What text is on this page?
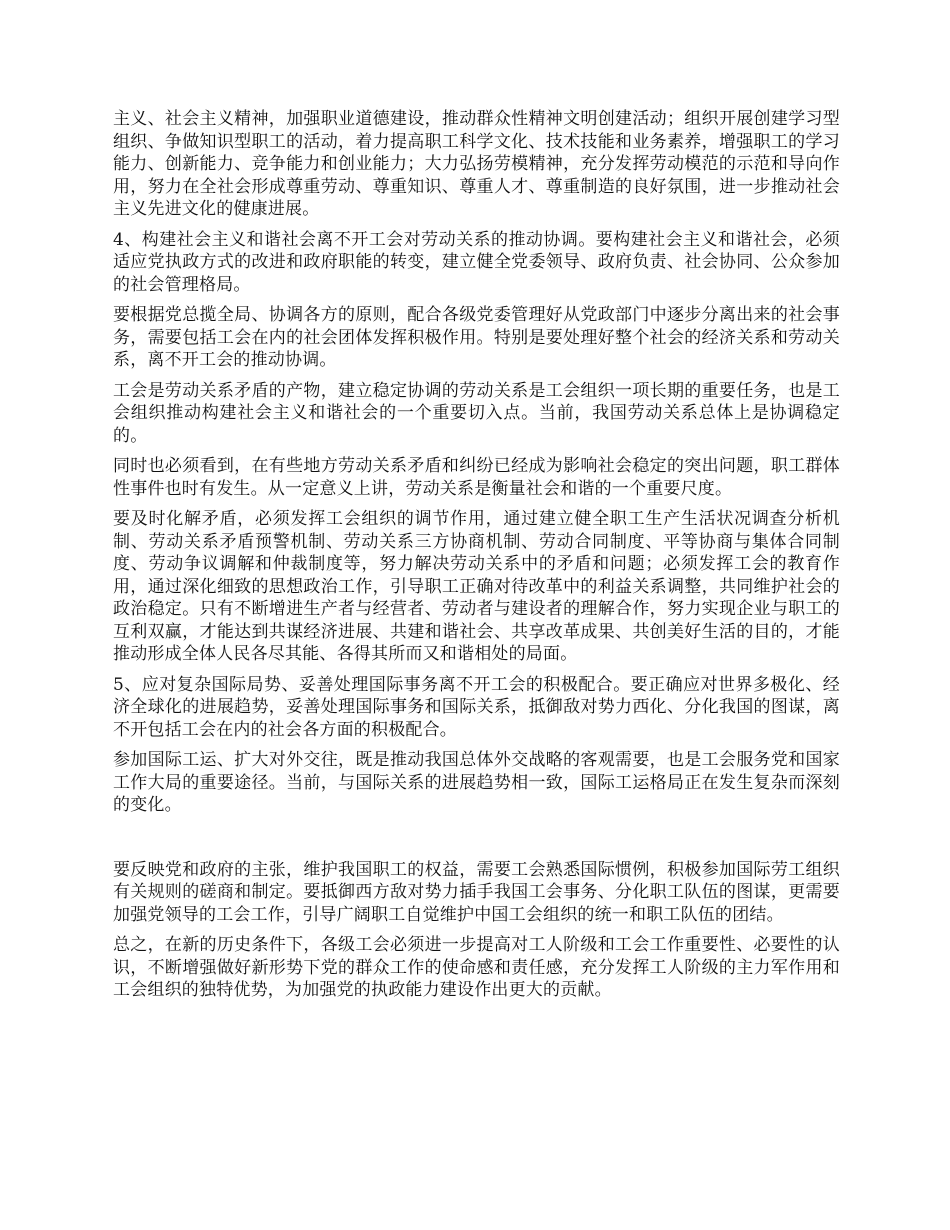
主义、社会主义精神，加强职业道德建设，推动群众性精神文明创建活动；组织开展创建学习型组织、争做知识型职工的活动，着力提高职工科学文化、技术技能和业务素养，增强职工的学习能力、创新能力、竞争能力和创业能力；大力弘扬劳模精神，充分发挥劳动模范的示范和导向作用，努力在全社会形成尊重劳动、尊重知识、尊重人才、尊重制造的良好氛围，进一步推动社会主义先进文化的健康进展。

4、构建社会主义和谐社会离不开工会对劳动关系的推动协调。要构建社会主义和谐社会，必须适应党执政方式的改进和政府职能的转变，建立健全党委领导、政府负责、社会协同、公众参加的社会管理格局。

要根据党总揽全局、协调各方的原则，配合各级党委管理好从党政部门中逐步分离出来的社会事务，需要包括工会在内的社会团体发挥积极作用。特别是要处理好整个社会的经济关系和劳动关系，离不开工会的推动协调。

工会是劳动关系矛盾的产物，建立稳定协调的劳动关系是工会组织一项长期的重要任务，也是工会组织推动构建社会主义和谐社会的一个重要切入点。当前，我国劳动关系总体上是协调稳定的。

同时也必须看到，在有些地方劳动关系矛盾和纠纷已经成为影响社会稳定的突出问题，职工群体性事件也时有发生。从一定意义上讲，劳动关系是衡量社会和谐的一个重要尺度。

要及时化解矛盾，必须发挥工会组织的调节作用，通过建立健全职工生产生活状况调查分析机制、劳动关系矛盾预警机制、劳动关系三方协商机制、劳动合同制度、平等协商与集体合同制度、劳动争议调解和仲裁制度等，努力解决劳动关系中的矛盾和问题；必须发挥工会的教育作用，通过深化细致的思想政治工作，引导职工正确对待改革中的利益关系调整，共同维护社会的政治稳定。只有不断增进生产者与经营者、劳动者与建设者的理解合作，努力实现企业与职工的互利双赢，才能达到共谋经济进展、共建和谐社会、共享改革成果、共创美好生活的目的，才能推动形成全体人民各尽其能、各得其所而又和谐相处的局面。

5、应对复杂国际局势、妥善处理国际事务离不开工会的积极配合。要正确应对世界多极化、经济全球化的进展趋势，妥善处理国际事务和国际关系，抵御敌对势力西化、分化我国的图谋，离不开包括工会在内的社会各方面的积极配合。

参加国际工运、扩大对外交往，既是推动我国总体外交战略的客观需要，也是工会服务党和国家工作大局的重要途径。当前，与国际关系的进展趋势相一致，国际工运格局正在发生复杂而深刻的变化。

要反映党和政府的主张，维护我国职工的权益，需要工会熟悉国际惯例，积极参加国际劳工组织有关规则的磋商和制定。要抵御西方敌对势力插手我国工会事务、分化职工队伍的图谋，更需要加强党领导的工会工作，引导广阔职工自觉维护中国工会组织的统一和职工队伍的团结。

总之，在新的历史条件下，各级工会必须进一步提高对工人阶级和工会工作重要性、必要性的认识，不断增强做好新形势下党的群众工作的使命感和责任感，充分发挥工人阶级的主力军作用和工会组织的独特优势，为加强党的执政能力建设作出更大的贡献。
